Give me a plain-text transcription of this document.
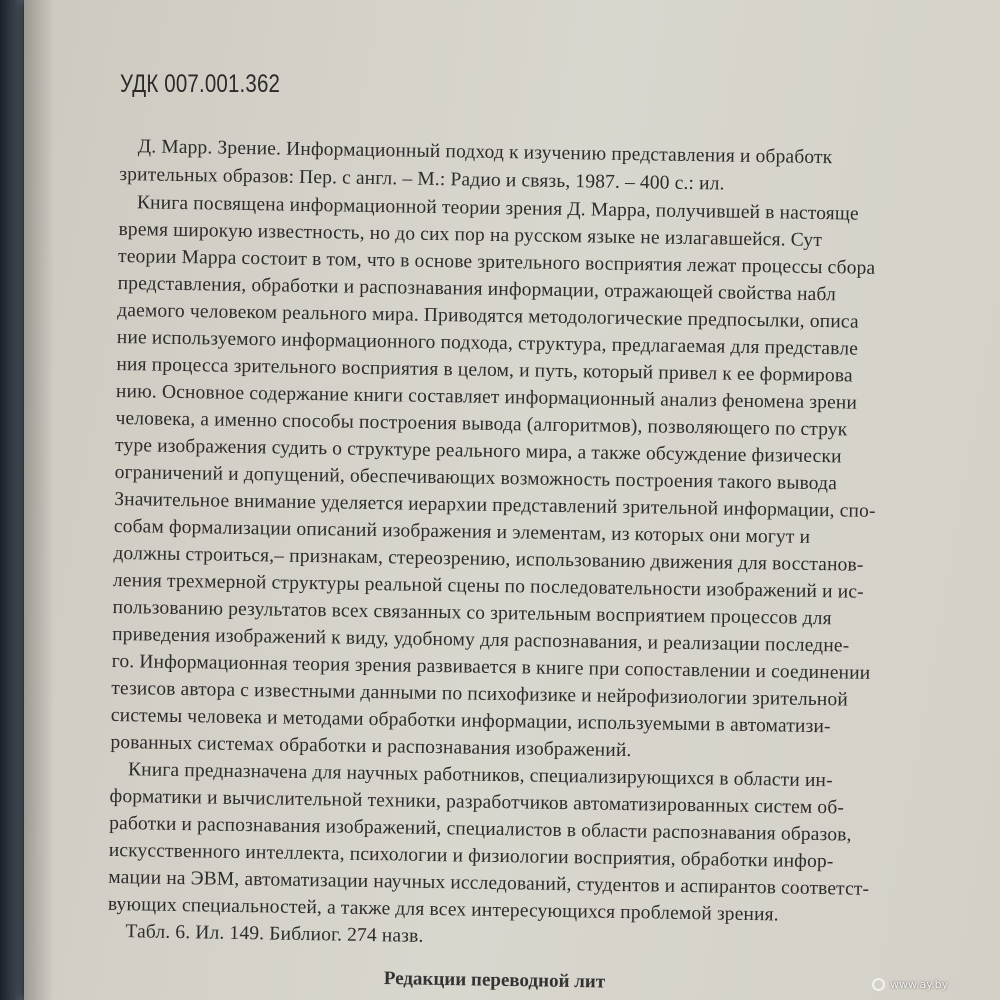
УДК 007.001.362
Д. Марр. Зрение. Информационный подход к изучению представления и обработк
зрительных образов: Пер. с англ. – М.: Радио и связь, 1987. – 400 с.: ил.
Книга посвящена информационной теории зрения Д. Марра, получившей в настояще
время широкую известность, но до сих пор на русском языке не излагавшейся. Сут
теории Марра состоит в том, что в основе зрительного восприятия лежат процессы сбора
представления, обработки и распознавания информации, отражающей свойства набл
даемого человеком реального мира. Приводятся методологические предпосылки, описа
ние используемого информационного подхода, структура, предлагаемая для представле
ния процесса зрительного восприятия в целом, и путь, который привел к ее формирова
нию. Основное содержание книги составляет информационный анализ феномена зрени
человека, а именно способы построения вывода (алгоритмов), позволяющего по струк
туре изображения судить о структуре реального мира, а также обсуждение физически
ограничений и допущений, обеспечивающих возможность построения такого вывода
Значительное внимание уделяется иерархии представлений зрительной информации, спо-
собам формализации описаний изображения и элементам, из которых они могут и
должны строиться,– признакам, стереозрению, использованию движения для восстанов-
ления трехмерной структуры реальной сцены по последовательности изображений и ис-
пользованию результатов всех связанных со зрительным восприятием процессов для
приведения изображений к виду, удобному для распознавания, и реализации последне-
го. Информационная теория зрения развивается в книге при сопоставлении и соединении
тезисов автора с известными данными по психофизике и нейрофизиологии зрительной
системы человека и методами обработки информации, используемыми в автоматизи-
рованных системах обработки и распознавания изображений.
Книга предназначена для научных работников, специализирующихся в области ин-
форматики и вычислительной техники, разработчиков автоматизированных систем об-
работки и распознавания изображений, специалистов в области распознавания образов,
искусственного интеллекта, психологии и физиологии восприятия, обработки инфор-
мации на ЭВМ, автоматизации научных исследований, студентов и аспирантов соответст-
вующих специальностей, а также для всех интересующихся проблемой зрения.
Табл. 6. Ил. 149. Библиог. 274 назв.
Редакции переводной лит	www.ay.by
